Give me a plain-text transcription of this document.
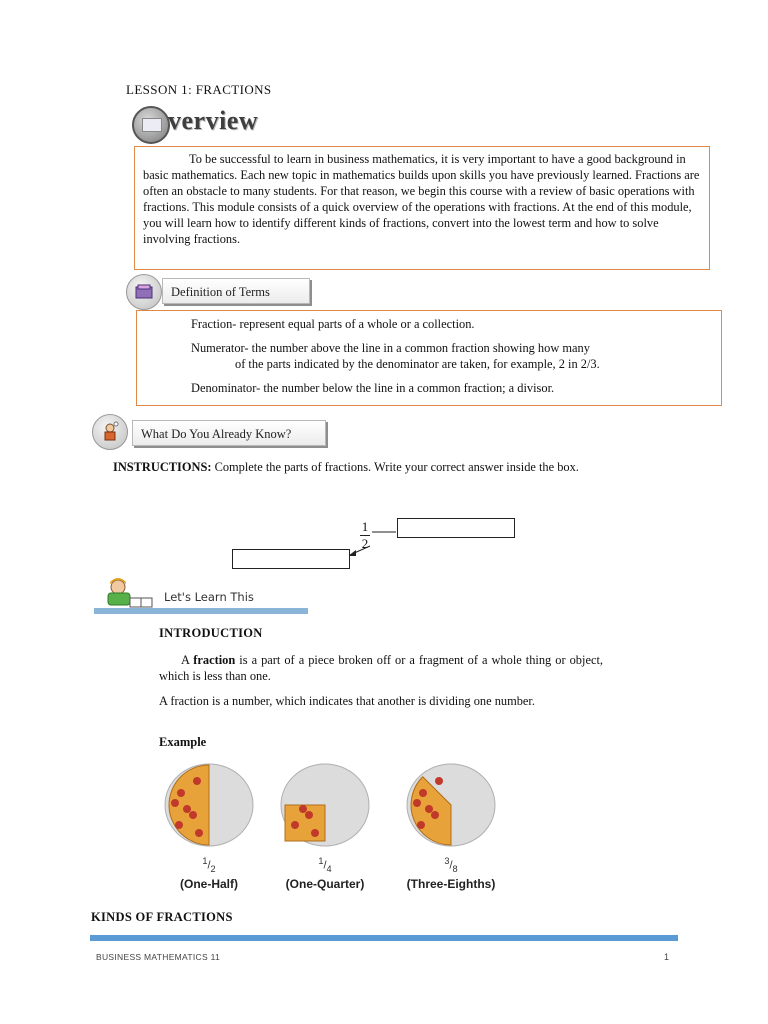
LESSON 1: FRACTIONS
verview

To be successful to learn in business mathematics, it is very important to have a good background in basic mathematics. Each new topic in mathematics builds upon skills you have previously learned. Fractions are often an obstacle to many students. For that reason, we begin this course with a review of basic operations with fractions. This module consists of a quick overview of the operations with fractions. At the end of this module, you will learn how to identify different kinds of fractions, convert into the lowest term and how to solve involving fractions.

Definition of Terms

Fraction- represent equal parts of a whole or a collection.

Numerator- the number above the line in a common fraction showing how many

of the parts indicated by the denominator are taken, for example, 2 in 2/3.

Denominator- the number below the line in a common fraction; a divisor.

What Do You Already Know?
INSTRUCTIONS: Complete the parts of fractions. Write your correct answer inside the box.
1
2
Let's Learn This
INTRODUCTION

A fraction is a part of a piece broken off or a fragment of a whole thing or object, which is less than one.

A fraction is a number, which indicates that another is dividing one number.

Example
KINDS OF FRACTIONS
BUSINESS MATHEMATICS 11	1
$^1/_2$
(One-Half)
$^1/_4$
(One-Quarter)
$^3/_8$
(Three-Eighths)
